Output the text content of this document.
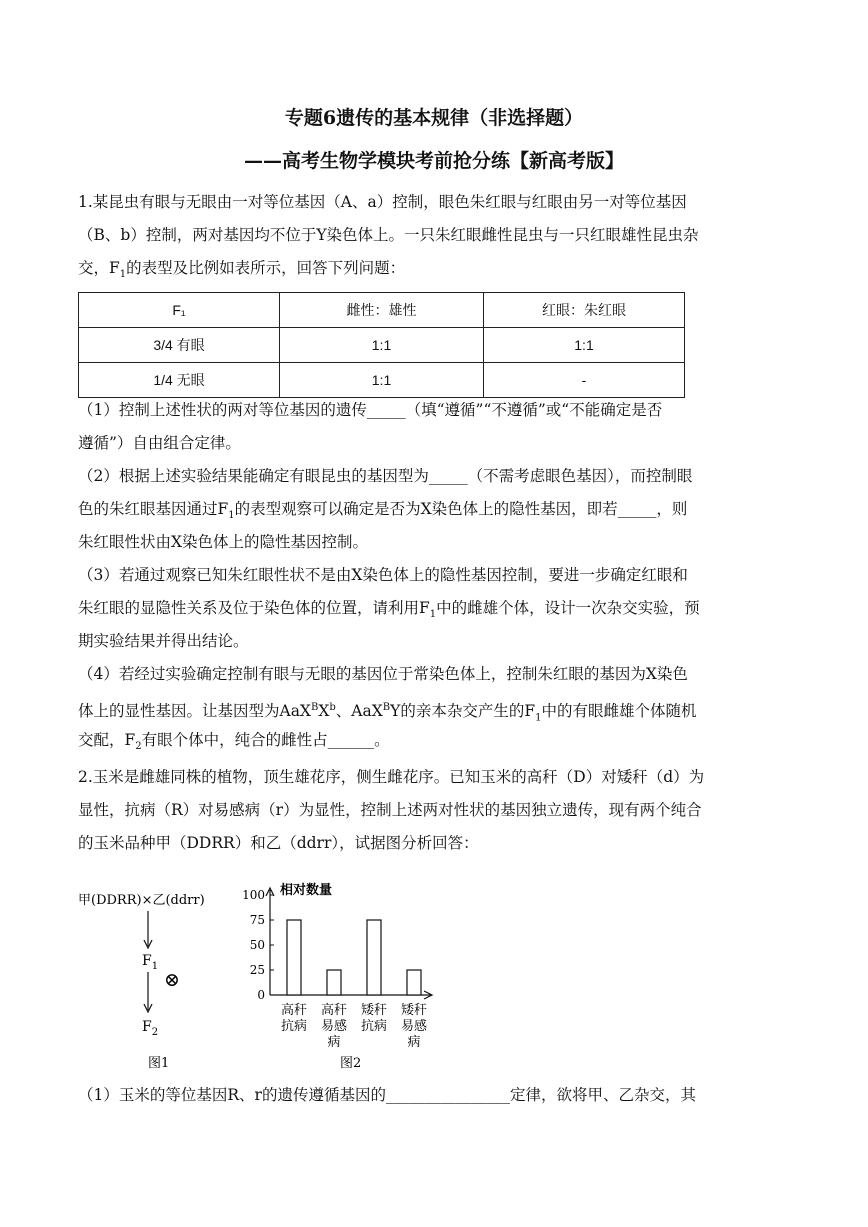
专题6遗传的基本规律（非选择题）
——高考生物学模块考前抢分练【新高考版】
1.某昆虫有眼与无眼由一对等位基因（A、a）控制，眼色朱红眼与红眼由另一对等位基因
（B、b）控制，两对基因均不位于Y染色体上。一只朱红眼雌性昆虫与一只红眼雄性昆虫杂
交，$F_1$的表型及比例如表所示，回答下列问题：
F₁	雌性：雄性	红眼：朱红眼
3/4 有眼	1:1	1:1
1/4 无眼	1:1	-
（1）控制上述性状的两对等位基因的遗传_____（填“遵循”“不遵循”或“不能确定是否
遵循”）自由组合定律。
（2）根据上述实验结果能确定有眼昆虫的基因型为_____（不需考虑眼色基因），而控制眼
色的朱红眼基因通过$F_1$的表型观察可以确定是否为X染色体上的隐性基因，即若_____，则
朱红眼性状由X染色体上的隐性基因控制。
（3）若通过观察已知朱红眼性状不是由X染色体上的隐性基因控制，要进一步确定红眼和
朱红眼的显隐性关系及位于染色体的位置，请利用$F_1$中的雌雄个体，设计一次杂交实验，预
期实验结果并得出结论。
（4）若经过实验确定控制有眼与无眼的基因位于常染色体上，控制朱红眼的基因为X染色
体上的显性基因。让基因型为$AaX^BX^b$、AaX$^B$Y的亲本杂交产生的$F_1$中的有眼雌雄个体随机
交配，$F_2$有眼个体中，纯合的雌性占______。
2.玉米是雌雄同株的植物，顶生雄花序，侧生雌花序。已知玉米的高秆（D）对矮秆（d）为
显性，抗病（R）对易感病（r）为显性，控制上述两对性状的基因独立遗传，现有两个纯合
的玉米品种甲（DDRR）和乙（ddrr），试据图分析回答：
甲(DDRR)×乙(ddrr)
$F_1$
⊗
$F_2$
图1
相对数量
0
25
50
75
100
高秆
抗病
高秆
易感
病
矮秆
抗病
矮秆
易感
病
图2
（1）玉米的等位基因R、r的遗传遵循基因的________________定律，欲将甲、乙杂交，其
